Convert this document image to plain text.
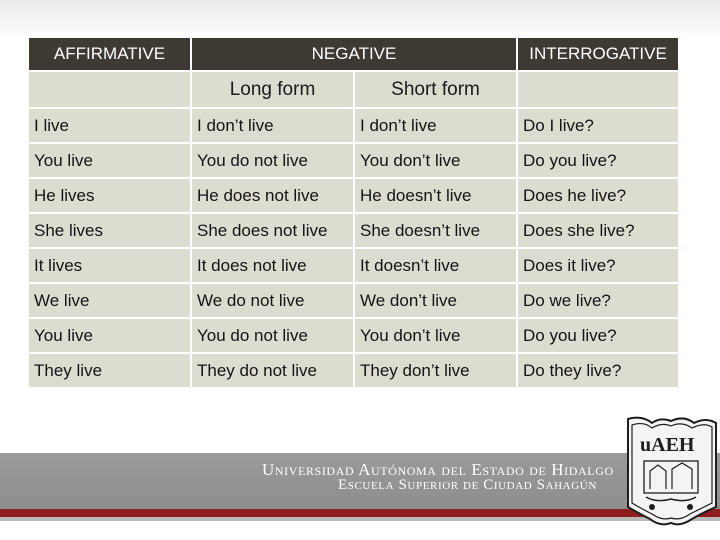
AFFIRMATIVE	NEGATIVE		INTERROGATIVE
	Long form	Short form	
I live	I don’t live	I don’t live	Do I live?
You live	You do not live	You don’t live	Do you live?
He lives	He does not live	He doesn’t live	Does he live?
She lives	She does not live	She doesn’t live	Does she live?
It lives	It does not live	It doesn’t live	Does it live?
We live	We do not live	We don’t live	Do we live?
You live	You do not live	You don’t live	Do you live?
They live	They do not live	They don’t live	Do they live?
Universidad Autónoma del Estado de Hidalgo
Escuela Superior de Ciudad Sahagún
uAEH
